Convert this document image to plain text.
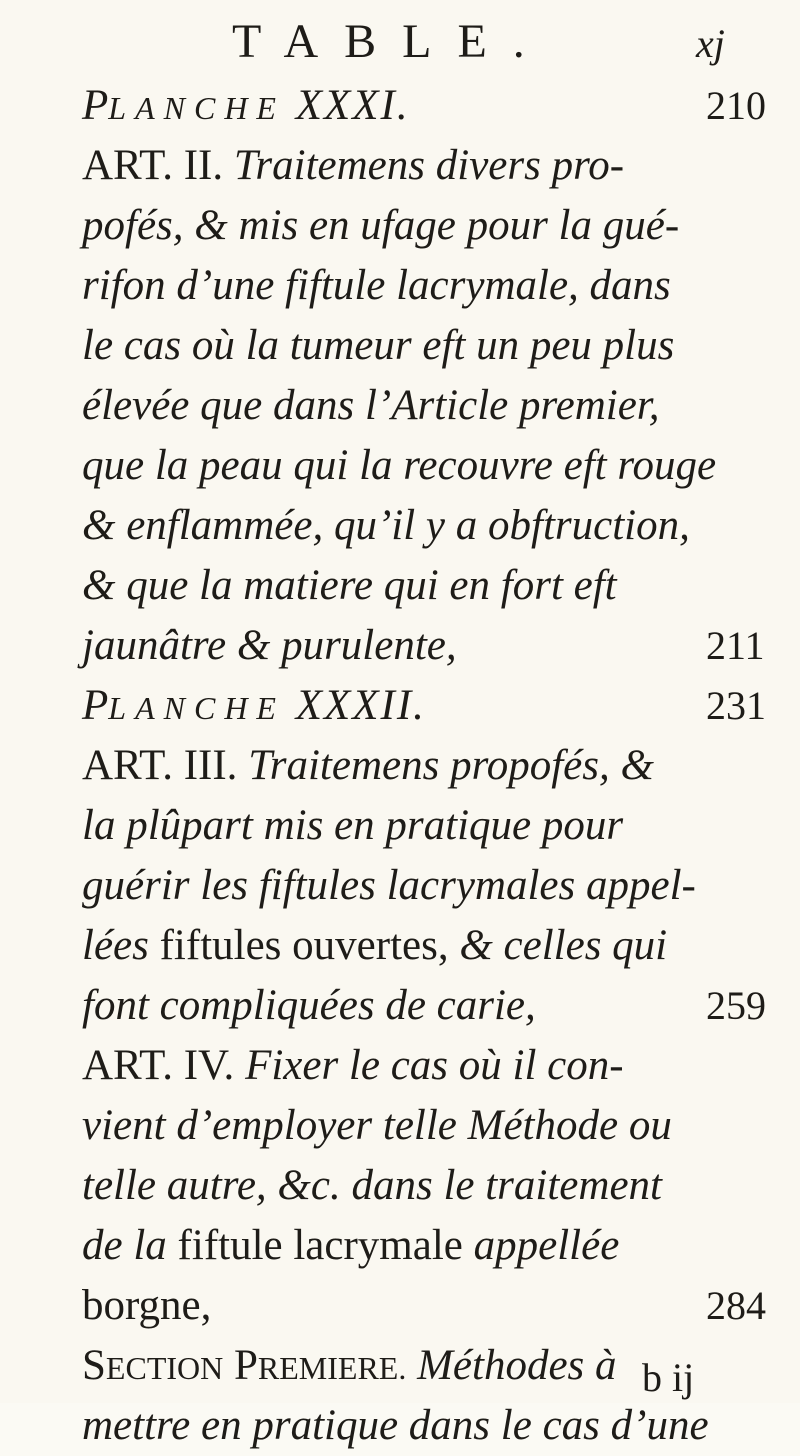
TABLE.	xj
PLANCHE XXXI.	210
ART. II. Traitemens divers pro-
pofés, & mis en ufage pour la gué-
rifon d’une fiftule lacrymale, dans
le cas où la tumeur eft un peu plus
élevée que dans l’Article premier,
que la peau qui la recouvre eft rouge
& enflammée, qu’il y a obftruction,
& que la matiere qui en fort eft
jaunâtre & purulente,	211
PLANCHE XXXII.	231
ART. III. Traitemens propofés, &
la plûpart mis en pratique pour
guérir les fiftules lacrymales appel-
lées fiftules ouvertes, & celles qui
font compliquées de carie,	259
ART. IV. Fixer le cas où il con-
vient d’employer telle Méthode ou
telle autre, &c. dans le traitement
de la fiftule lacrymale appellée
borgne,	284
SECTION PREMIERE. Méthodes à
mettre en pratique dans le cas d’une
b ij
